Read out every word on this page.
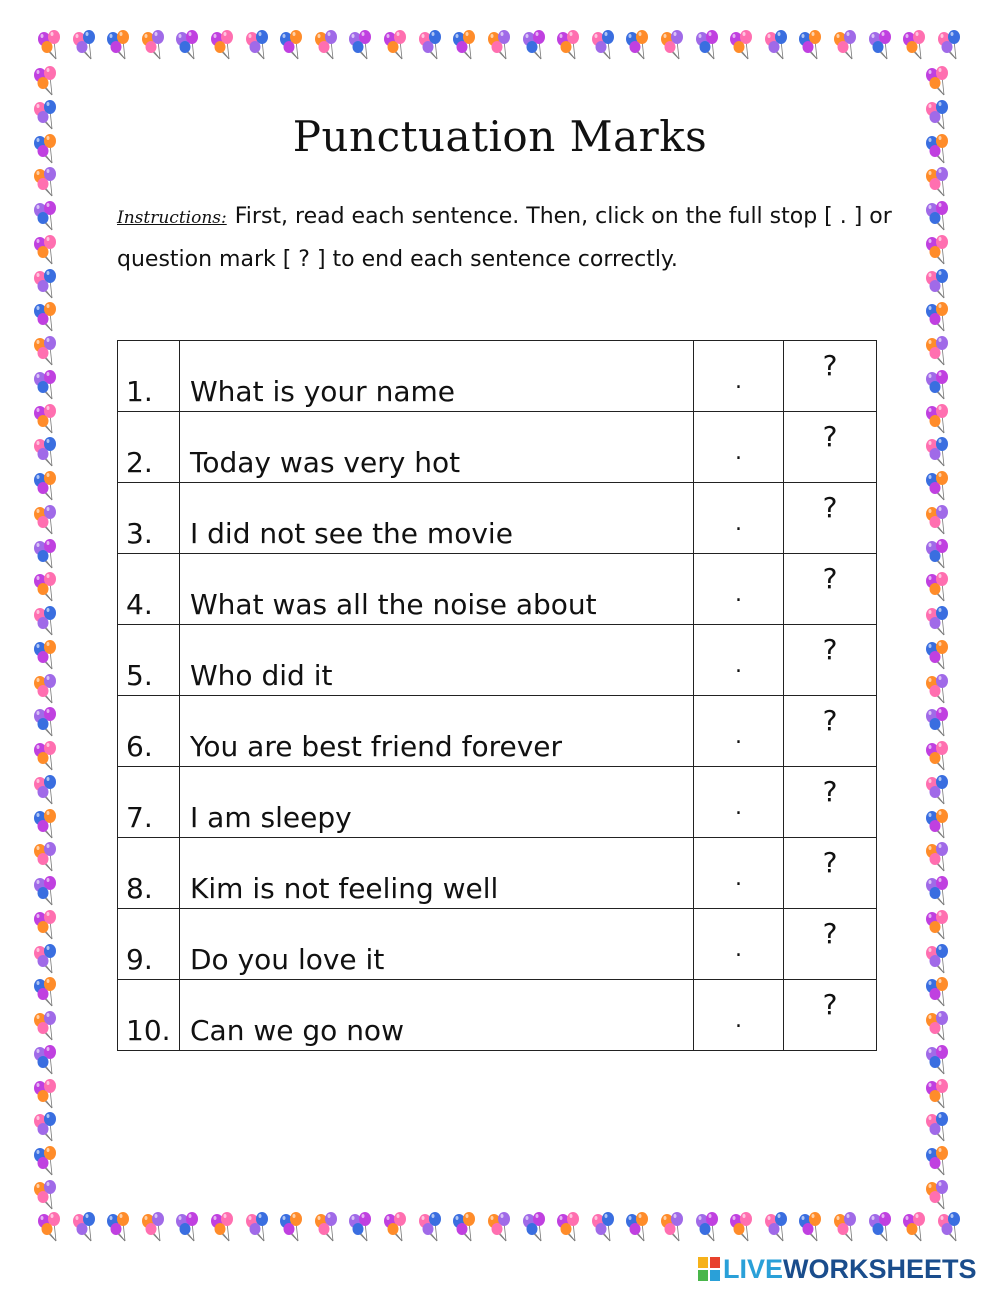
Punctuation Marks
Instructions: First, read each sentence. Then, click on the full stop [ . ] or question mark [ ? ] to end each sentence correctly.
1.	What is your name	.	?
2.	Today was very hot	.	?
3.	I did not see the movie	.	?
4.	What was all the noise about	.	?
5.	Who did it	.	?
6.	You are best friend forever	.	?
7.	I am sleepy	.	?
8.	Kim is not feeling well	.	?
9.	Do you love it	.	?
10.	Can we go now	.	?
LIVEWORKSHEETS
